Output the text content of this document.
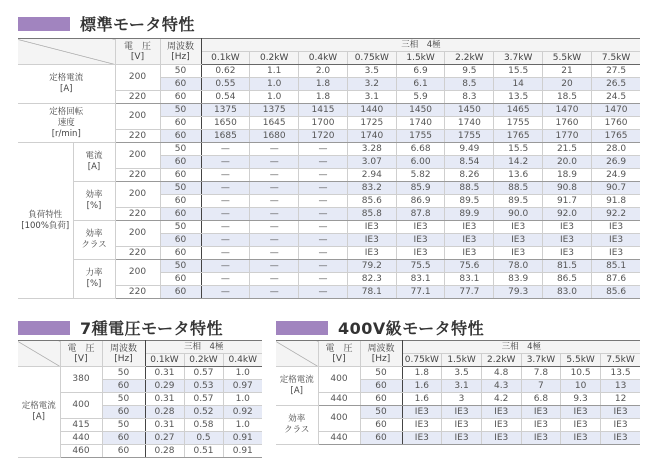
標準モータ特性
		電　圧
[V]	周波数
[Hz]	三相　4極								
				0.1kW	0.2kW	0.4kW	0.75kW	1.5kW	2.2kW	3.7kW	5.5kW	7.5kW
定格電流
[A]		200	50	0.62	1.1	2.0	3.5	6.9	9.5	15.5	21	27.5
			60	0.55	1.0	1.8	3.2	6.1	8.5	14	20	26.5
		220	60	0.54	1.0	1.8	3.1	5.9	8.3	13.5	18.5	24.5
定格回転
速度
[r/min]		200	50	1375	1375	1415	1440	1450	1450	1465	1470	1470
			60	1650	1645	1700	1725	1740	1740	1755	1760	1760
		220	60	1685	1680	1720	1740	1755	1755	1765	1770	1765
負荷特性
[100%負荷]	電流
[A]	200	50	—	—	—	3.28	6.68	9.49	15.5	21.5	28.0
			60	—	—	—	3.07	6.00	8.54	14.2	20.0	26.9
		220	60	—	—	—	2.94	5.82	8.26	13.6	18.9	24.9
	効率
[%]	200	50	—	—	—	83.2	85.9	88.5	88.5	90.8	90.7
			60	—	—	—	85.6	86.9	89.5	89.5	91.7	91.8
		220	60	—	—	—	85.8	87.8	89.9	90.0	92.0	92.2
	効率
クラス	200	50	—	—	—	IE3	IE3	IE3	IE3	IE3	IE3
			60	—	—	—	IE3	IE3	IE3	IE3	IE3	IE3
		220	60	—	—	—	IE3	IE3	IE3	IE3	IE3	IE3
	力率
[%]	200	50	—	—	—	79.2	75.5	75.6	78.0	81.5	85.1
			60	—	—	—	82.3	83.1	83.1	83.9	86.5	87.6
		220	60	—	—	—	78.1	77.1	77.7	79.3	83.0	85.6
7種電圧モータ特性
	電　圧
[V]	周波数
[Hz]	三相　4極		
			0.1kW	0.2kW	0.4kW
定格電流
[A]	380	50	0.31	0.57	1.0
		60	0.29	0.53	0.97
	400	50	0.31	0.57	1.0
		60	0.28	0.52	0.92
	415	50	0.31	0.58	1.0
	440	60	0.27	0.5	0.91
	460	60	0.28	0.51	0.91
400V級モータ特性
	電　圧
[V]	周波数
[Hz]	三相　4極					
			0.75kW	1.5kW	2.2kW	3.7kW	5.5kW	7.5kW
定格電流
[A]	400	50	1.8	3.5	4.8	7.8	10.5	13.5
		60	1.6	3.1	4.3	7	10	13
	440	60	1.6	3	4.2	6.8	9.3	12
効率
クラス	400	50	IE3	IE3	IE3	IE3	IE3	IE3
		60	IE3	IE3	IE3	IE3	IE3	IE3
	440	60	IE3	IE3	IE3	IE3	IE3	IE3
